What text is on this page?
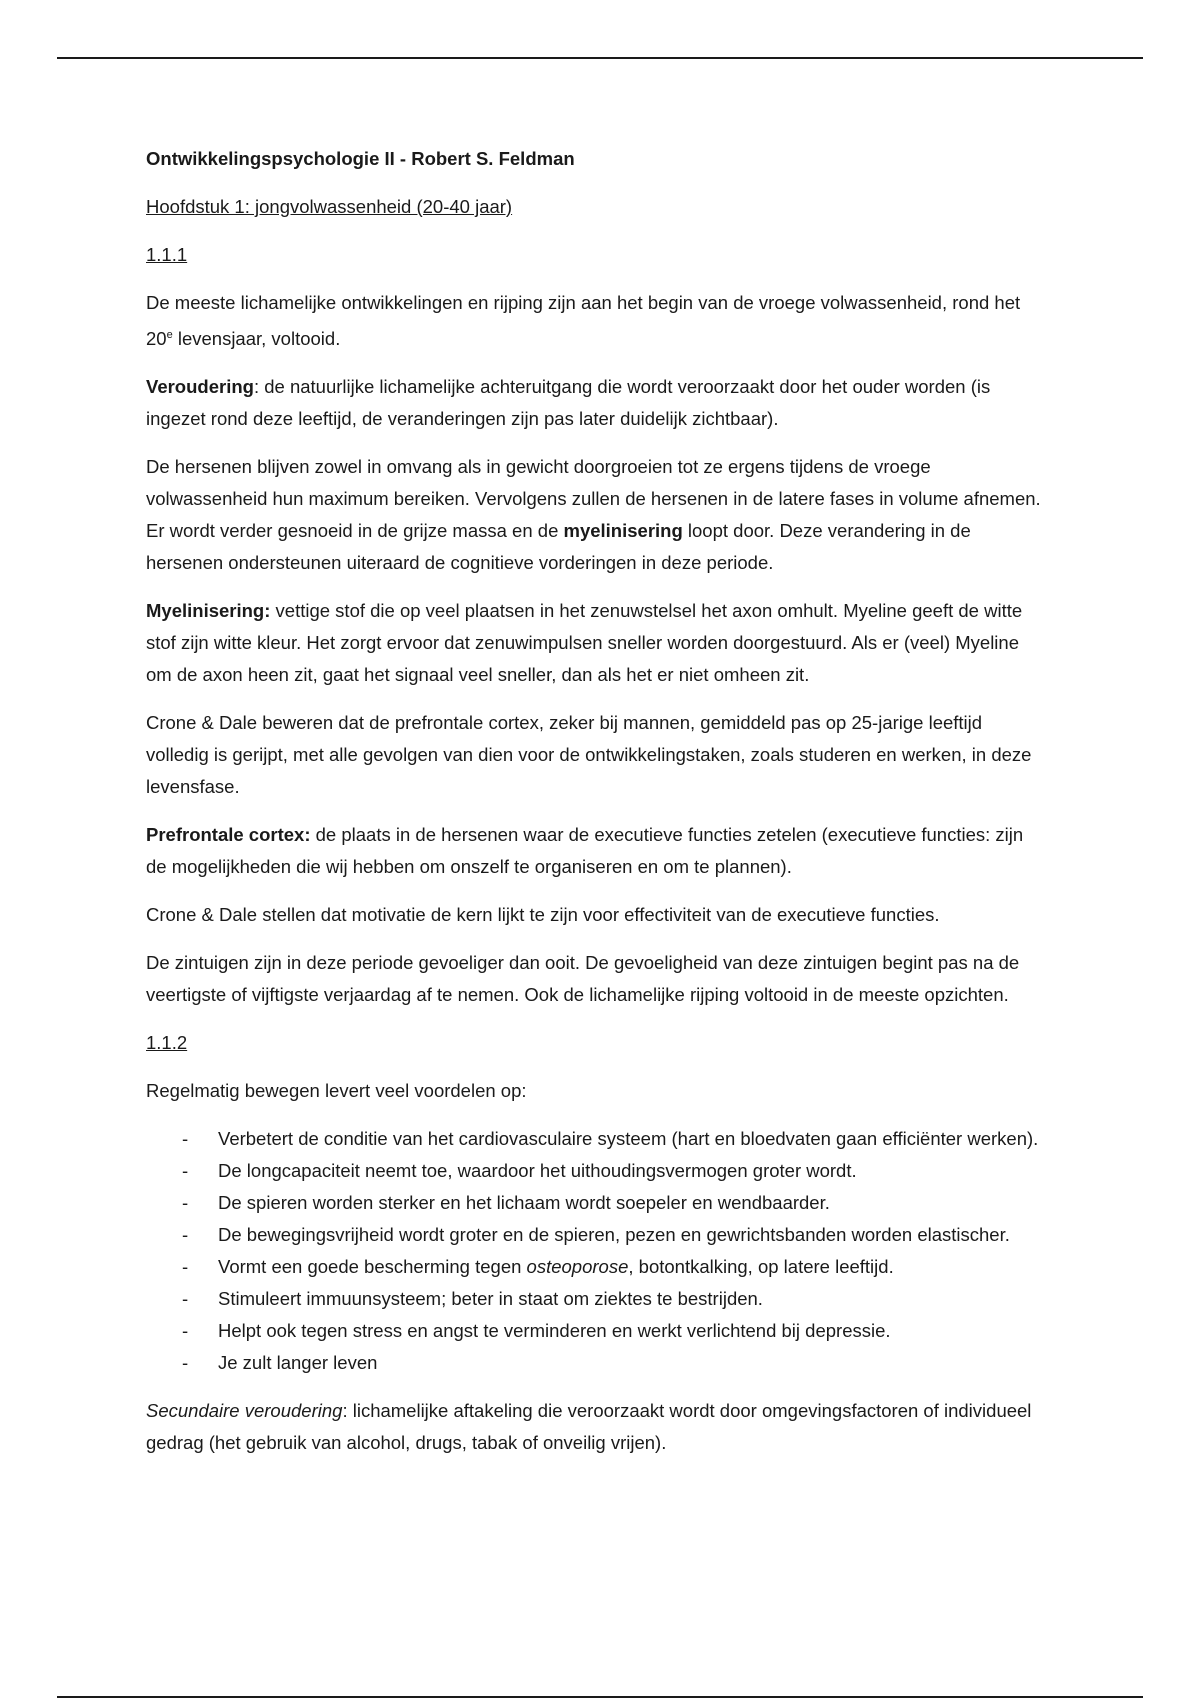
Ontwikkelingspsychologie II - Robert S. Feldman

Hoofdstuk 1: jongvolwassenheid (20-40 jaar)

1.1.1

De meeste lichamelijke ontwikkelingen en rijping zijn aan het begin van de vroege volwassenheid, rond het 20e levensjaar, voltooid.

Veroudering: de natuurlijke lichamelijke achteruitgang die wordt veroorzaakt door het ouder worden (is ingezet rond deze leeftijd, de veranderingen zijn pas later duidelijk zichtbaar).

De hersenen blijven zowel in omvang als in gewicht doorgroeien tot ze ergens tijdens de vroege volwassenheid hun maximum bereiken. Vervolgens zullen de hersenen in de latere fases in volume afnemen. Er wordt verder gesnoeid in de grijze massa en de myelinisering loopt door. Deze verandering in de hersenen ondersteunen uiteraard de cognitieve vorderingen in deze periode.

Myelinisering: vettige stof die op veel plaatsen in het zenuwstelsel het axon omhult. Myeline geeft de witte stof zijn witte kleur. Het zorgt ervoor dat zenuwimpulsen sneller worden doorgestuurd. Als er (veel) Myeline om de axon heen zit, gaat het signaal veel sneller, dan als het er niet omheen zit.

Crone & Dale beweren dat de prefrontale cortex, zeker bij mannen, gemiddeld pas op 25-jarige leeftijd volledig is gerijpt, met alle gevolgen van dien voor de ontwikkelingstaken, zoals studeren en werken, in deze levensfase.

Prefrontale cortex: de plaats in de hersenen waar de executieve functies zetelen (executieve functies: zijn de mogelijkheden die wij hebben om onszelf te organiseren en om te plannen).

Crone & Dale stellen dat motivatie de kern lijkt te zijn voor effectiviteit van de executieve functies.

De zintuigen zijn in deze periode gevoeliger dan ooit. De gevoeligheid van deze zintuigen begint pas na de veertigste of vijftigste verjaardag af te nemen. Ook de lichamelijke rijping voltooid in de meeste opzichten.

1.1.2

Regelmatig bewegen levert veel voordelen op:

- Verbetert de conditie van het cardiovasculaire systeem (hart en bloedvaten gaan efficiënter werken).
- De longcapaciteit neemt toe, waardoor het uithoudingsvermogen groter wordt.
- De spieren worden sterker en het lichaam wordt soepeler en wendbaarder.
- De bewegingsvrijheid wordt groter en de spieren, pezen en gewrichtsbanden worden elastischer.
- Vormt een goede bescherming tegen osteoporose, botontkalking, op latere leeftijd.
- Stimuleert immuunsysteem; beter in staat om ziektes te bestrijden.
- Helpt ook tegen stress en angst te verminderen en werkt verlichtend bij depressie.
- Je zult langer leven

Secundaire veroudering: lichamelijke aftakeling die veroorzaakt wordt door omgevingsfactoren of individueel gedrag (het gebruik van alcohol, drugs, tabak of onveilig vrijen).
